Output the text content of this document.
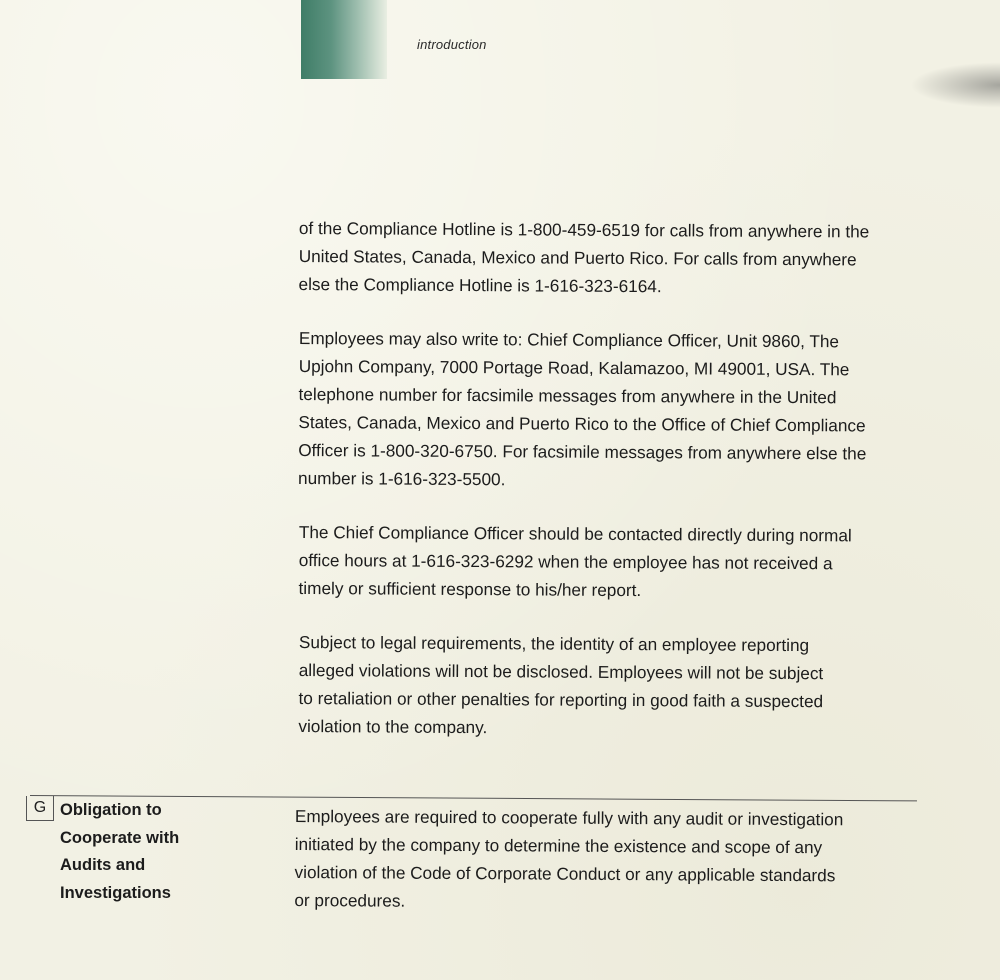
introduction

of the Compliance Hotline is 1-800-459-6519 for calls from anywhere in the
United States, Canada, Mexico and Puerto Rico. For calls from anywhere
else the Compliance Hotline is 1-616-323-6164.

Employees may also write to: Chief Compliance Officer, Unit 9860, The
Upjohn Company, 7000 Portage Road, Kalamazoo, MI 49001, USA. The
telephone number for facsimile messages from anywhere in the United
States, Canada, Mexico and Puerto Rico to the Office of Chief Compliance
Officer is 1-800-320-6750. For facsimile messages from anywhere else the
number is 1-616-323-5500.

The Chief Compliance Officer should be contacted directly during normal
office hours at 1-616-323-6292 when the employee has not received a
timely or sufficient response to his/her report.

Subject to legal requirements, the identity of an employee reporting
alleged violations will not be disclosed. Employees will not be subject
to retaliation or other penalties for reporting in good faith a suspected
violation to the company.

G Obligation to
Cooperate with
Audits and
Investigations

Employees are required to cooperate fully with any audit or investigation
initiated by the company to determine the existence and scope of any
violation of the Code of Corporate Conduct or any applicable standards
or procedures.
